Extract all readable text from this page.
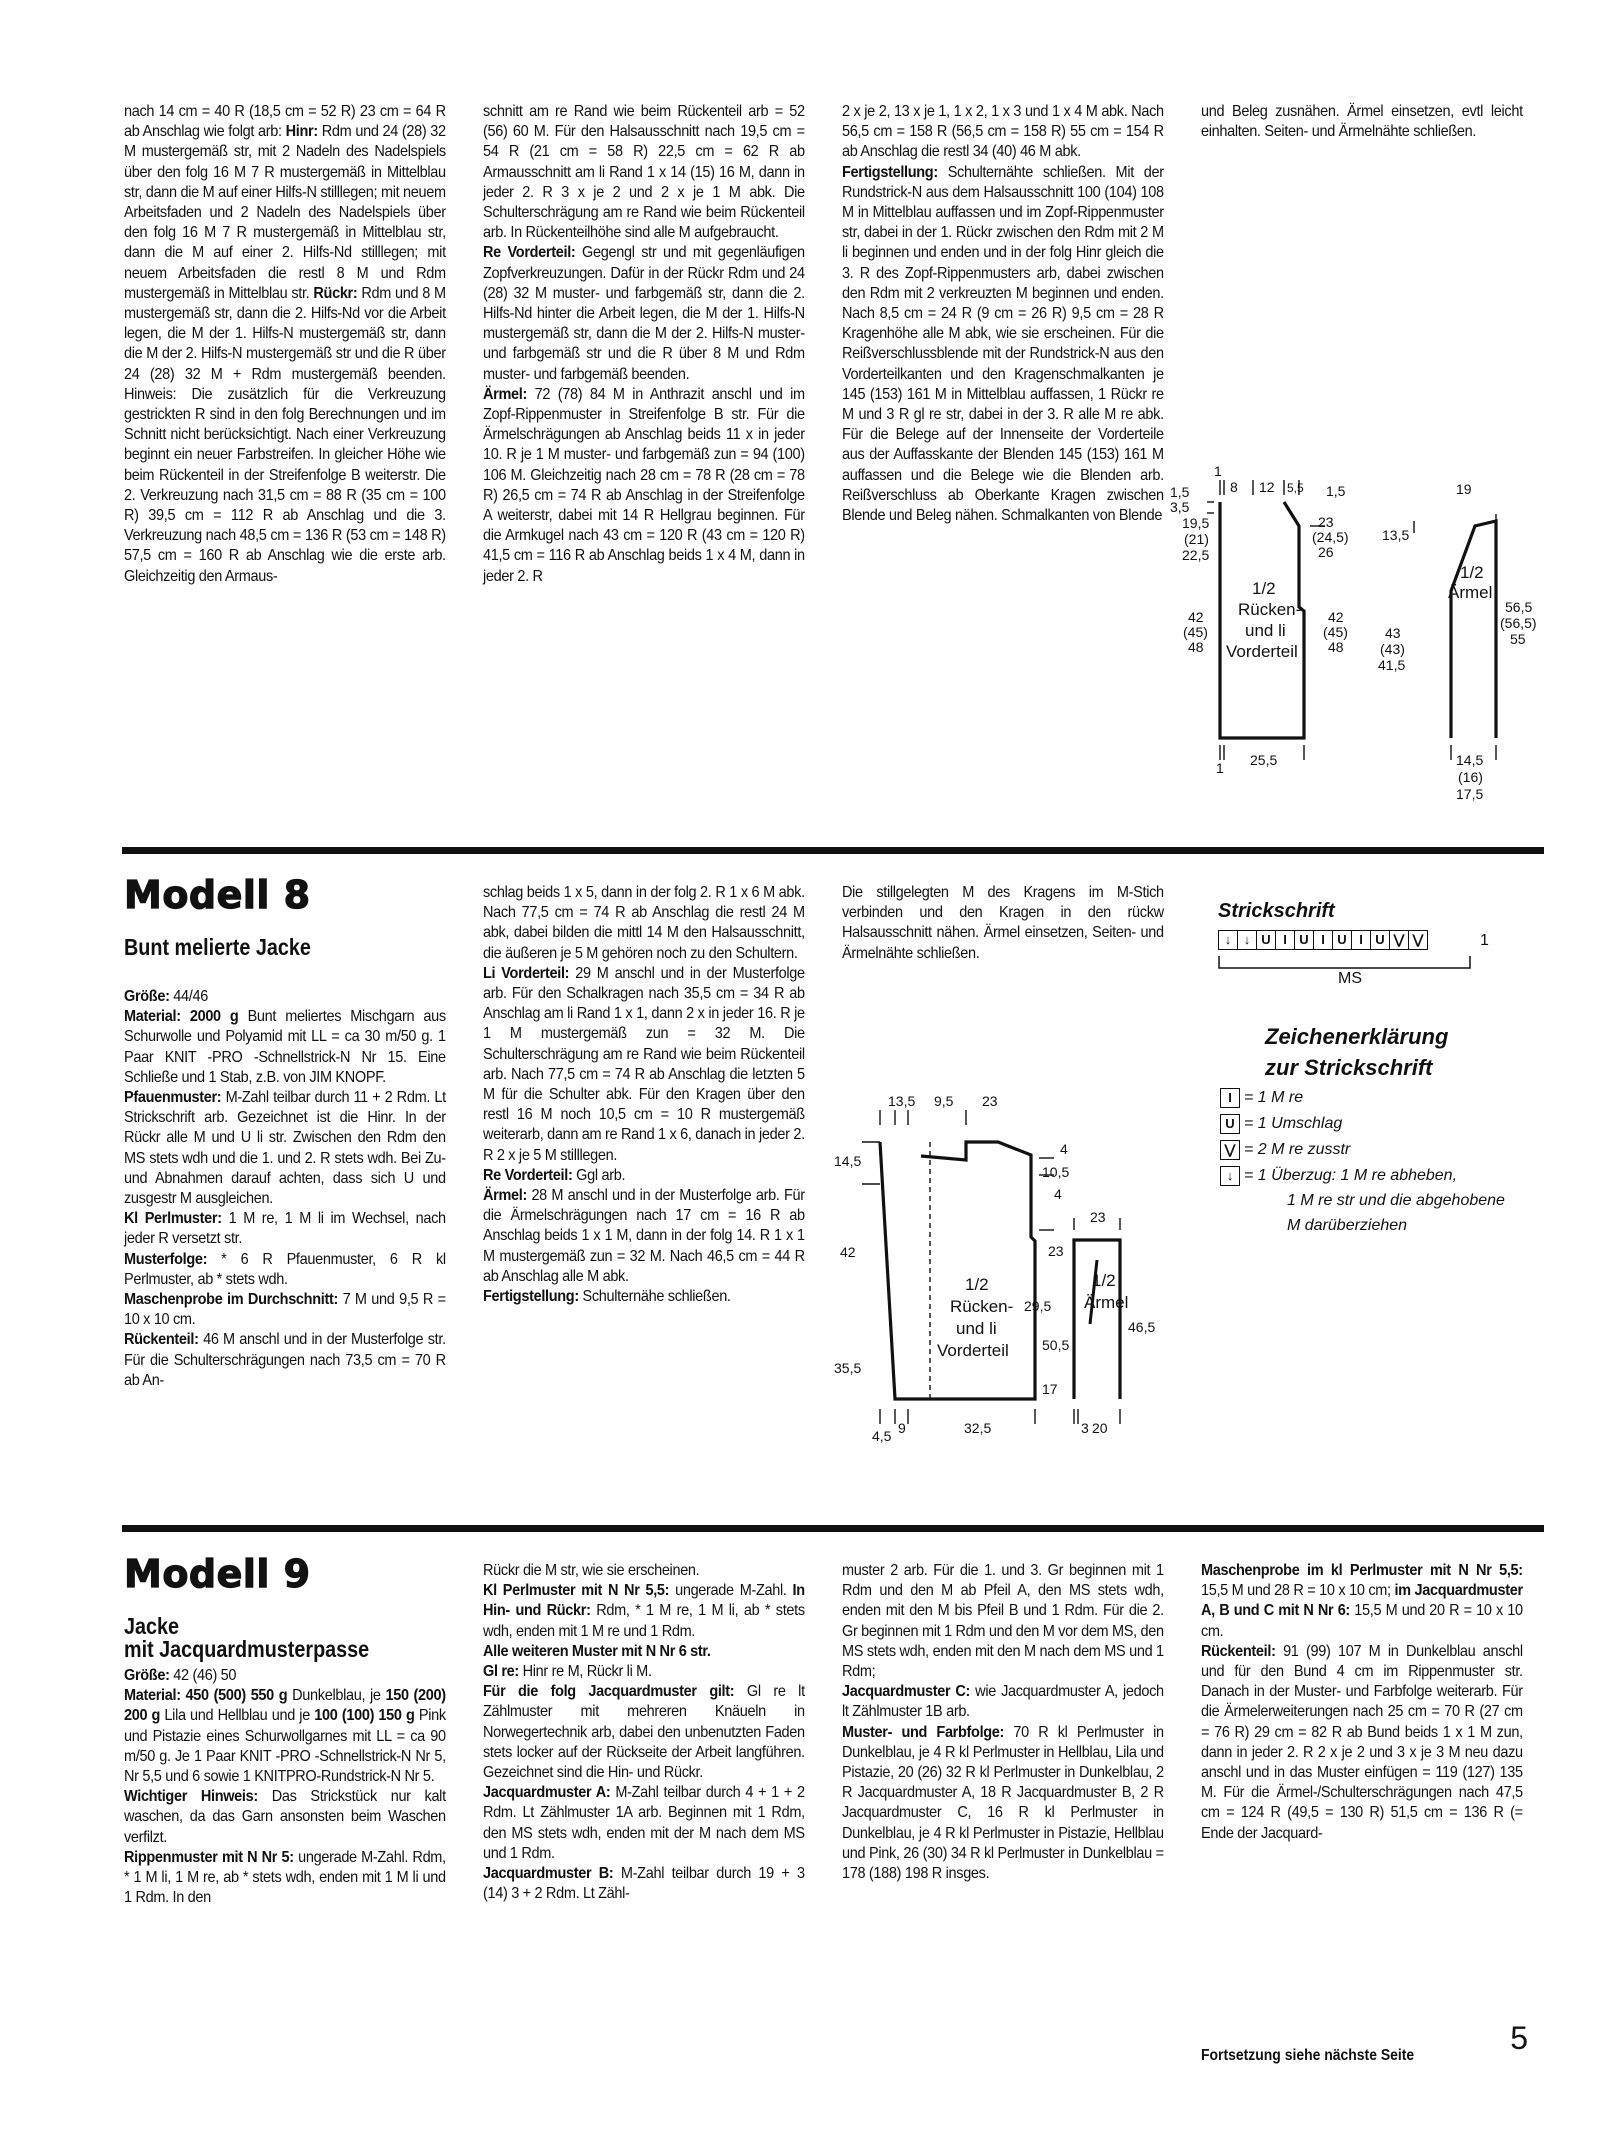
nach 14 cm = 40 R (18,5 cm = 52 R) 23 cm = 64 R ab Anschlag wie folgt arb: Hinr: Rdm und 24 (28) 32 M mustergemäß str, mit 2 Nadeln des Nadelspiels über den folg 16 M 7 R mustergemäß in Mittelblau str, dann die M auf einer Hilfs-N stilllegen; mit neuem Arbeitsfaden und 2 Nadeln des Nadelspiels über den folg 16 M 7 R mustergemäß in Mittelblau str, dann die M auf einer 2. Hilfs-Nd stilllegen; mit neuem Arbeitsfaden die restl 8 M und Rdm mustergemäß in Mittelblau str. Rückr: Rdm und 8 M mustergemäß str, dann die 2. Hilfs-Nd vor die Arbeit legen, die M der 1. Hilfs-N mustergemäß str, dann die M der 2. Hilfs-N mustergemäß str und die R über 24 (28) 32 M + Rdm mustergemäß beenden. Hinweis: Die zusätzlich für die Verkreuzung gestrickten R sind in den folg Berechnungen und im Schnitt nicht berücksichtigt. Nach einer Verkreuzung beginnt ein neuer Farbstreifen. In gleicher Höhe wie beim Rückenteil in der Streifenfolge B weiterstr. Die 2. Verkreuzung nach 31,5 cm = 88 R (35 cm = 100 R) 39,5 cm = 112 R ab Anschlag und die 3. Verkreuzung nach 48,5 cm = 136 R (53 cm = 148 R) 57,5 cm = 160 R ab Anschlag wie die erste arb. Gleichzeitig den Armaus-

schnitt am re Rand wie beim Rückenteil arb = 52 (56) 60 M. Für den Halsausschnitt nach 19,5 cm = 54 R (21 cm = 58 R) 22,5 cm = 62 R ab Armausschnitt am li Rand 1 x 14 (15) 16 M, dann in jeder 2. R 3 x je 2 und 2 x je 1 M abk. Die Schulterschrägung am re Rand wie beim Rückenteil arb. In Rückenteilhöhe sind alle M aufgebraucht.
Re Vorderteil: Gegengl str und mit gegenläufigen Zopfverkreuzungen. Dafür in der Rückr Rdm und 24 (28) 32 M muster- und farbgemäß str, dann die 2. Hilfs-Nd hinter die Arbeit legen, die M der 1. Hilfs-N mustergemäß str, dann die M der 2. Hilfs-N muster- und farbgemäß str und die R über 8 M und Rdm muster- und farbgemäß beenden.
Ärmel: 72 (78) 84 M in Anthrazit anschl und im Zopf-Rippenmuster in Streifenfolge B str. Für die Ärmelschrägungen ab Anschlag beids 11 x in jeder 10. R je 1 M muster- und farbgemäß zun = 94 (100) 106 M. Gleichzeitig nach 28 cm = 78 R (28 cm = 78 R) 26,5 cm = 74 R ab Anschlag in der Streifenfolge A weiterstr, dabei mit 14 R Hellgrau beginnen. Für die Armkugel nach 43 cm = 120 R (43 cm = 120 R) 41,5 cm = 116 R ab Anschlag beids 1 x 4 M, dann in jeder 2. R

2 x je 2, 13 x je 1, 1 x 2, 1 x 3 und 1 x 4 M abk. Nach 56,5 cm = 158 R (56,5 cm = 158 R) 55 cm = 154 R ab Anschlag die restl 34 (40) 46 M abk.
Fertigstellung: Schulternähte schließen. Mit der Rundstrick-N aus dem Halsausschnitt 100 (104) 108 M in Mittelblau auffassen und im Zopf-Rippenmuster str, dabei in der 1. Rückr zwischen den Rdm mit 2 M li beginnen und enden und in der folg Hinr gleich die 3. R des Zopf-Rippenmusters arb, dabei zwischen den Rdm mit 2 verkreuzten M beginnen und enden. Nach 8,5 cm = 24 R (9 cm = 26 R) 9,5 cm = 28 R Kragenhöhe alle M abk, wie sie erscheinen. Für die Reißverschlussblende mit der Rundstrick-N aus den Vorderteilkanten und den Kragenschmalkanten je 145 (153) 161 M in Mittelblau auffassen, 1 Rückr re M und 3 R gl re str, dabei in der 3. R alle M re abk. Für die Belege auf der Innenseite der Vorderteile aus der Auffasskante der Blenden 145 (153) 161 M auffassen und die Belege wie die Blenden arb. Reißverschluss ab Oberkante Kragen zwischen Blende und Beleg nähen. Schmalkanten von Blende

und Beleg zusnähen. Ärmel einsetzen, evtl leicht einhalten. Seiten- und Ärmelnähte schließen.

1
8 12 5,5	19
1,5
3,5
1,5
19,5
(21)
22,5
23
(24,5)
26
13,5
1/2
Rücken-
und li
Vorderteil
42
(45)
48
42
(45)
48
43
(43)
41,5
1/2
Ärmel
56,5
(56,5)
55
1 25,5	14,5
(16)
17,5
Modell 8
Bunt melierte Jacke

Größe: 44/46
Material: 2000 g Bunt meliertes Mischgarn aus Schurwolle und Polyamid mit LL = ca 30 m/50 g. 1 Paar KNIT -PRO -Schnellstrick-N Nr 15. Eine Schließe und 1 Stab, z.B. von JIM KNOPF.
Pfauenmuster: M-Zahl teilbar durch 11 + 2 Rdm. Lt Strickschrift arb. Gezeichnet ist die Hinr. In der Rückr alle M und U li str. Zwischen den Rdm den MS stets wdh und die 1. und 2. R stets wdh. Bei Zu- und Abnahmen darauf achten, dass sich U und zusgestr M ausgleichen.
Kl Perlmuster: 1 M re, 1 M li im Wechsel, nach jeder R versetzt str.
Musterfolge: * 6 R Pfauenmuster, 6 R kl Perlmuster, ab * stets wdh.
Maschenprobe im Durchschnitt: 7 M und 9,5 R = 10 x 10 cm.
Rückenteil: 46 M anschl und in der Musterfolge str. Für die Schulterschrägungen nach 73,5 cm = 70 R ab An-

schlag beids 1 x 5, dann in der folg 2. R 1 x 6 M abk. Nach 77,5 cm = 74 R ab Anschlag die restl 24 M abk, dabei bilden die mittl 14 M den Halsausschnitt, die äußeren je 5 M gehören noch zu den Schultern.
Li Vorderteil: 29 M anschl und in der Musterfolge arb. Für den Schalkragen nach 35,5 cm = 34 R ab Anschlag am li Rand 1 x 1, dann 2 x in jeder 16. R je 1 M mustergemäß zun = 32 M. Die Schulterschrägung am re Rand wie beim Rückenteil arb. Nach 77,5 cm = 74 R ab Anschlag die letzten 5 M für die Schulter abk. Für den Kragen über den restl 16 M noch 10,5 cm = 10 R mustergemäß weiterarb, dann am re Rand 1 x 6, danach in jeder 2. R 2 x je 5 M stilllegen.
Re Vorderteil: Ggl arb.
Ärmel: 28 M anschl und in der Musterfolge arb. Für die Ärmelschrägungen nach 17 cm = 16 R ab Anschlag beids 1 x 1 M, dann in der folg 14. R 1 x 1 M mustergemäß zun = 32 M. Nach 46,5 cm = 44 R ab Anschlag alle M abk.
Fertigstellung: Schulternähe schließen.

Die stillgelegten M des Kragens im M-Stich verbinden und den Kragen in den rückw Halsausschnitt nähen. Ärmel einsetzen, Seiten- und Ärmelnähte schließen.

Strickschrift
↓ ↓ U I U I U I U ⋁ ⋁	1
MS
Zeichenerklärung
zur Strickschrift
I = 1 M re
U = 1 Umschlag
⋁ = 2 M re zusstr
↓ = 1 Überzug: 1 M re abheben,
1 M re str und die abgehobene
M darüberziehen
13,5 9,5 23
14,5
4
10,5
4
23
23
42
1/2
Rücken-
und li
Vorderteil 50,5
35,5
29,5
1/2
Ärmel
46,5
17
4,5 9	32,5	3 20
Modell 9
Jacke
mit Jacquardmusterpasse

Größe: 42 (46) 50
Material: 450 (500) 550 g Dunkelblau, je 150 (200) 200 g Lila und Hellblau und je 100 (100) 150 g Pink und Pistazie eines Schurwollgarnes mit LL = ca 90 m/50 g. Je 1 Paar KNIT -PRO -Schnellstrick-N Nr 5, Nr 5,5 und 6 sowie 1 KNITPRO-Rundstrick-N Nr 5.
Wichtiger Hinweis: Das Strickstück nur kalt waschen, da das Garn ansonsten beim Waschen verfilzt.
Rippenmuster mit N Nr 5: ungerade M-Zahl. Rdm, * 1 M li, 1 M re, ab * stets wdh, enden mit 1 M li und 1 Rdm. In den

Rückr die M str, wie sie erscheinen.
Kl Perlmuster mit N Nr 5,5: ungerade M-Zahl. In Hin- und Rückr: Rdm, * 1 M re, 1 M li, ab * stets wdh, enden mit 1 M re und 1 Rdm.
Alle weiteren Muster mit N Nr 6 str.
Gl re: Hinr re M, Rückr li M.
Für die folg Jacquardmuster gilt: Gl re lt Zählmuster mit mehreren Knäueln in Norwegertechnik arb, dabei den unbenutzten Faden stets locker auf der Rückseite der Arbeit langführen. Gezeichnet sind die Hin- und Rückr.
Jacquardmuster A: M-Zahl teilbar durch 4 + 1 + 2 Rdm. Lt Zählmuster 1A arb. Beginnen mit 1 Rdm, den MS stets wdh, enden mit der M nach dem MS und 1 Rdm.
Jacquardmuster B: M-Zahl teilbar durch 19 + 3 (14) 3 + 2 Rdm. Lt Zähl-

muster 2 arb. Für die 1. und 3. Gr beginnen mit 1 Rdm und den M ab Pfeil A, den MS stets wdh, enden mit den M bis Pfeil B und 1 Rdm. Für die 2. Gr beginnen mit 1 Rdm und den M vor dem MS, den MS stets wdh, enden mit den M nach dem MS und 1 Rdm;
Jacquardmuster C: wie Jacquardmuster A, jedoch lt Zählmuster 1B arb.
Muster- und Farbfolge: 70 R kl Perlmuster in Dunkelblau, je 4 R kl Perlmuster in Hellblau, Lila und Pistazie, 20 (26) 32 R kl Perlmuster in Dunkelblau, 2 R Jacquardmuster A, 18 R Jacquardmuster B, 2 R Jacquardmuster C, 16 R kl Perlmuster in Dunkelblau, je 4 R kl Perlmuster in Pistazie, Hellblau und Pink, 26 (30) 34 R kl Perlmuster in Dunkelblau = 178 (188) 198 R insges.

Maschenprobe im kl Perlmuster mit N Nr 5,5: 15,5 M und 28 R = 10 x 10 cm; im Jacquardmuster A, B und C mit N Nr 6: 15,5 M und 20 R = 10 x 10 cm.
Rückenteil: 91 (99) 107 M in Dunkelblau anschl und für den Bund 4 cm im Rippenmuster str. Danach in der Muster- und Farbfolge weiterarb. Für die Ärmelerweiterungen nach 25 cm = 70 R (27 cm = 76 R) 29 cm = 82 R ab Bund beids 1 x 1 M zun, dann in jeder 2. R 2 x je 2 und 3 x je 3 M neu dazu anschl und in das Muster einfügen = 119 (127) 135 M. Für die Ärmel-/Schulterschrägungen nach 47,5 cm = 124 R (49,5 = 130 R) 51,5 cm = 136 R (= Ende der Jacquard-

Fortsetzung siehe nächste Seite	5
